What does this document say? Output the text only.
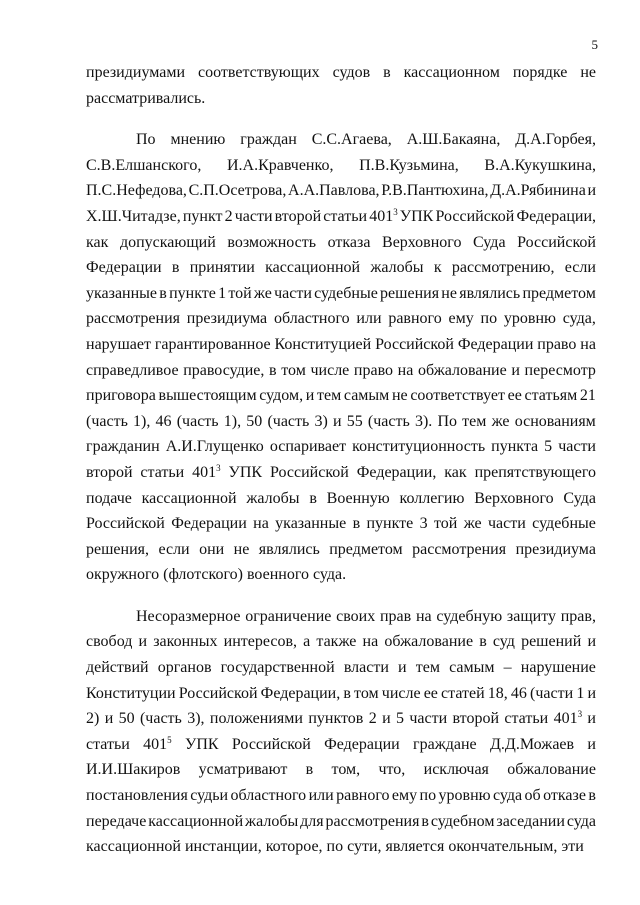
5
президиумами соответствующих судов в кассационном порядке не
рассматривались.
По мнению граждан С.С.Агаева, А.Ш.Бакаяна, Д.А.Горбея,
С.В.Елшанского, И.А.Кравченко, П.В.Кузьмина, В.А.Кукушкина,
П.С.Нефедова, С.П.Осетрова, А.А.Павлова, Р.В.Пантюхина, Д.А.Рябинина и
Х.Ш.Читадзе, пункт 2 части второй статьи $401^3$ УПК Российской Федерации,
как допускающий возможность отказа Верховного Суда Российской
Федерации в принятии кассационной жалобы к рассмотрению, если
указанные в пункте 1 той же части судебные решения не являлись предметом
рассмотрения президиума областного или равного ему по уровню суда,
нарушает гарантированное Конституцией Российской Федерации право на
справедливое правосудие, в том числе право на обжалование и пересмотр
приговора вышестоящим судом, и тем самым не соответствует ее статьям 21
(часть 1), 46 (часть 1), 50 (часть 3) и 55 (часть 3). По тем же основаниям
гражданин А.И.Глущенко оспаривает конституционность пункта 5 части
второй статьи $401^3$ УПК Российской Федерации, как препятствующего
подаче кассационной жалобы в Военную коллегию Верховного Суда
Российской Федерации на указанные в пункте 3 той же части судебные
решения, если они не являлись предметом рассмотрения президиума
окружного (флотского) военного суда.
Несоразмерное ограничение своих прав на судебную защиту прав,
свобод и законных интересов, а также на обжалование в суд решений и
действий органов государственной власти и тем самым – нарушение
Конституции Российской Федерации, в том числе ее статей 18, 46 (части 1 и
2) и 50 (часть 3), положениями пунктов 2 и 5 части второй статьи $401^3$ и
статьи $401^5$ УПК Российской Федерации граждане Д.Д.Можаев и
И.И.Шакиров усматривают в том, что, исключая обжалование
постановления судьи областного или равного ему по уровню суда об отказе в
передаче кассационной жалобы для рассмотрения в судебном заседании суда
кассационной инстанции, которое, по сути, является окончательным, эти
